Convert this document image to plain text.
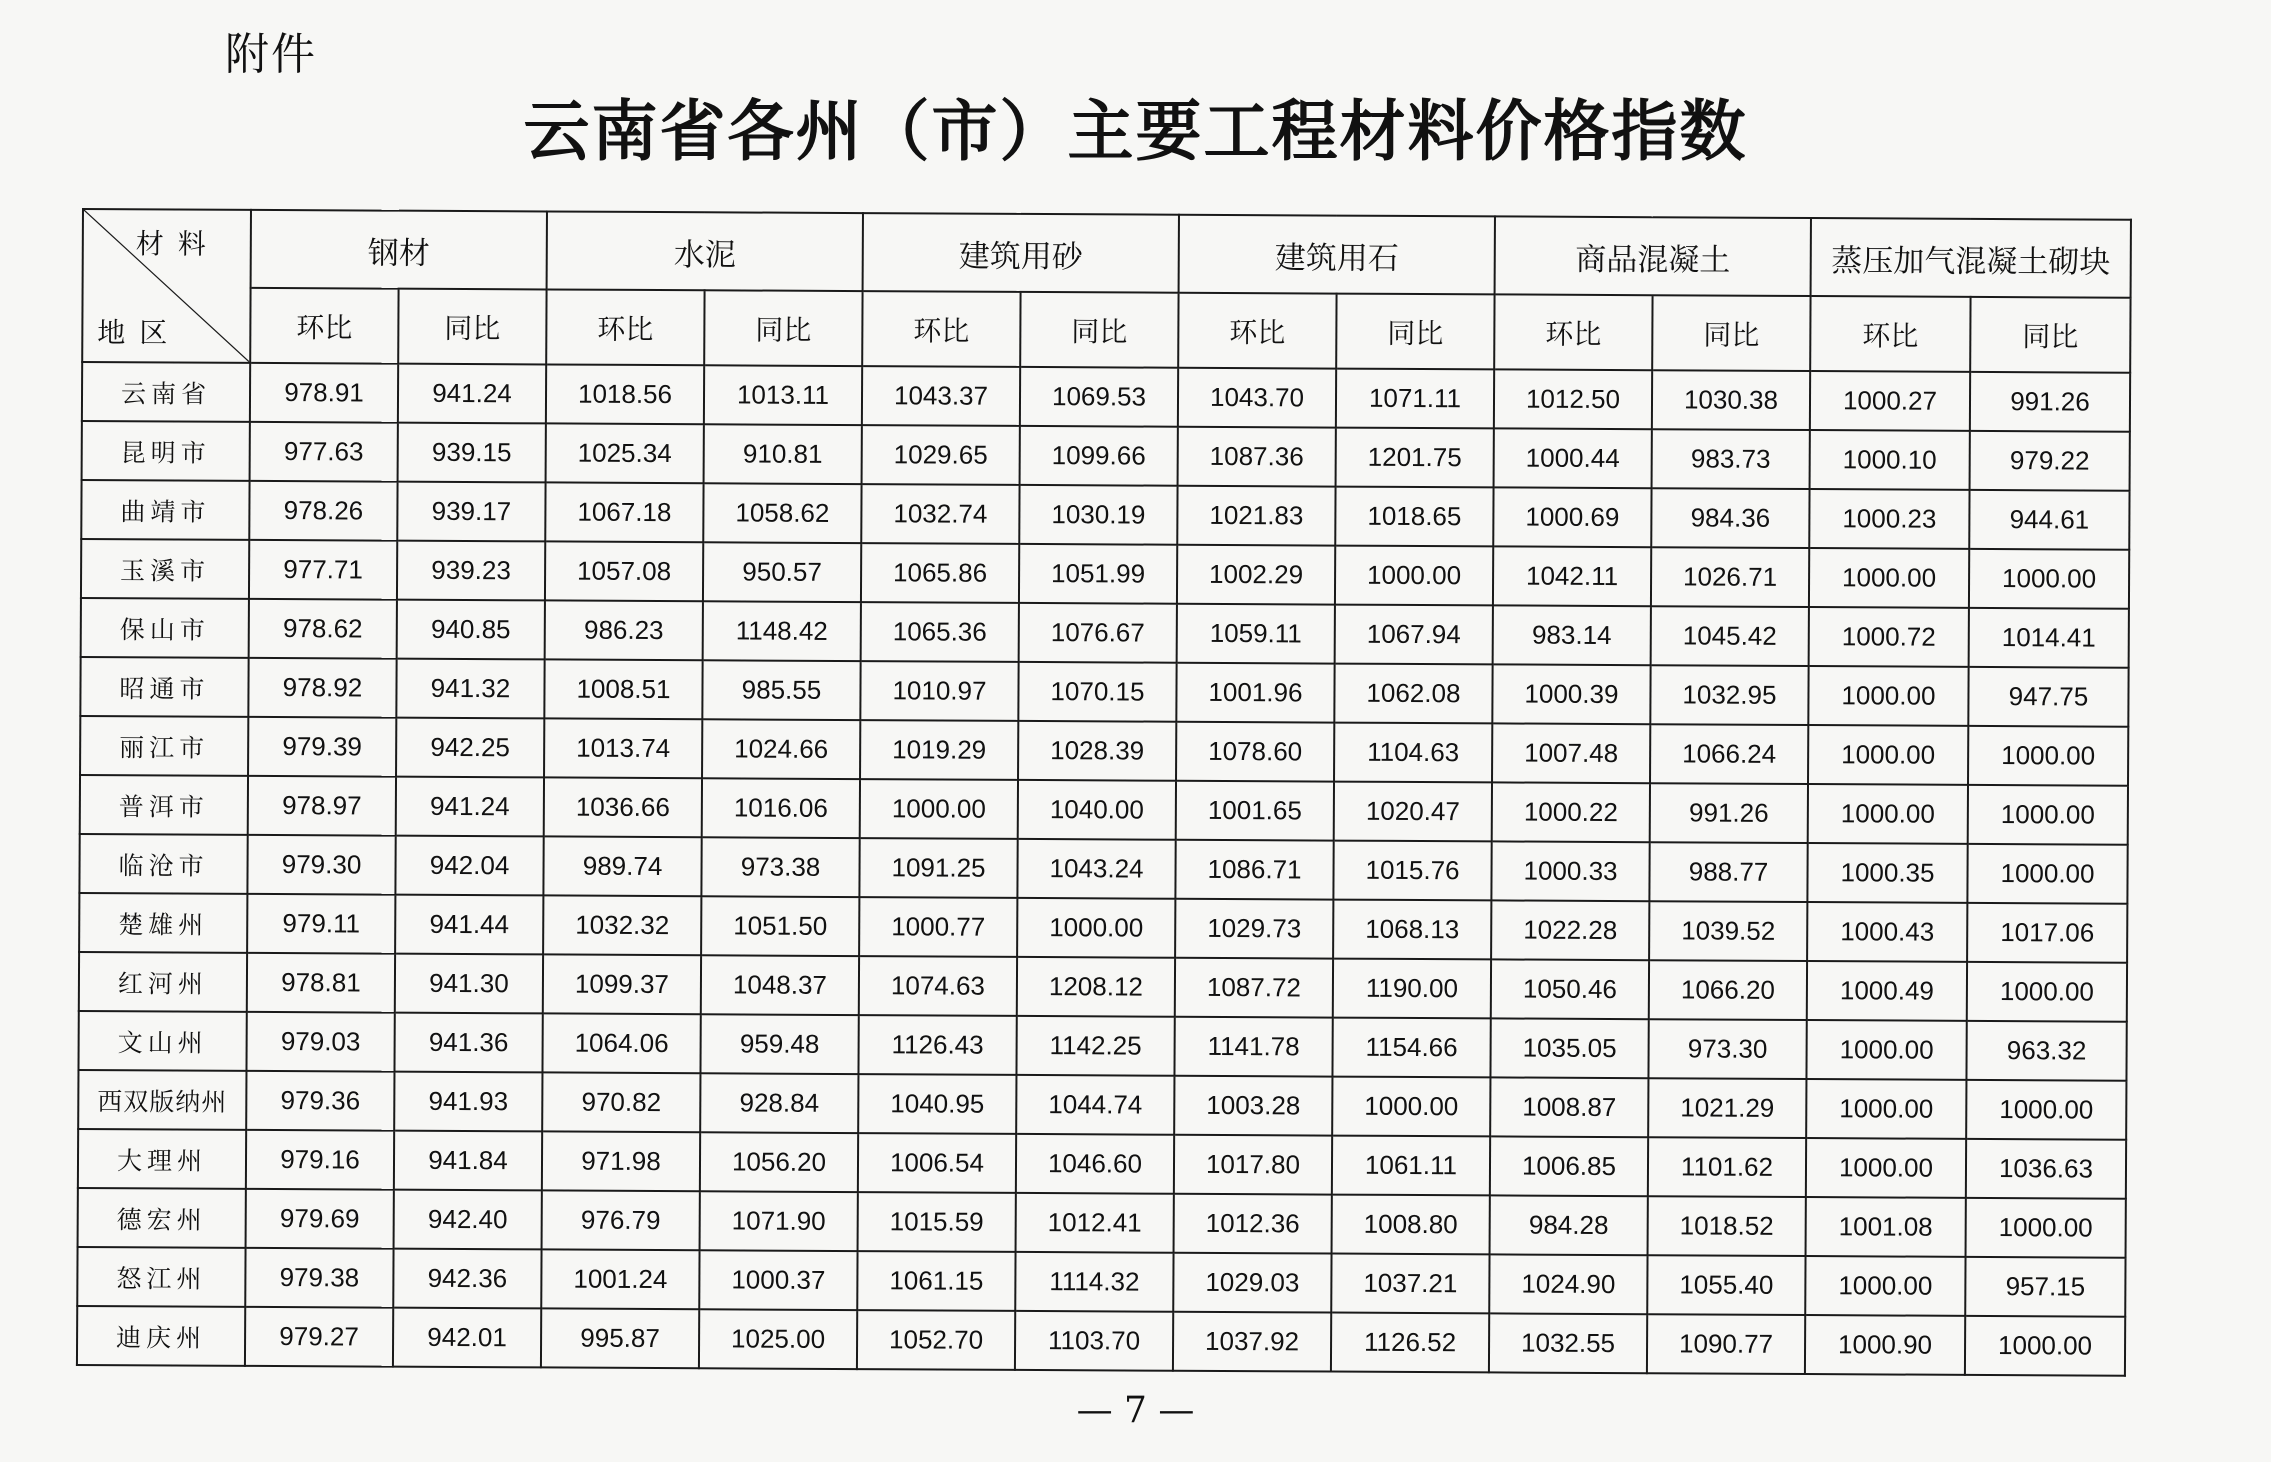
附件
云南省各州（市）主要工程材料价格指数
材料
地区	钢材		水泥		建筑用砂		建筑用石		商品混凝土		蒸压加气混凝土砌块	
	环比	同比	环比	同比	环比	同比	环比	同比	环比	同比	环比	同比
云南省	978.91	941.24	1018.56	1013.11	1043.37	1069.53	1043.70	1071.11	1012.50	1030.38	1000.27	991.26
昆明市	977.63	939.15	1025.34	910.81	1029.65	1099.66	1087.36	1201.75	1000.44	983.73	1000.10	979.22
曲靖市	978.26	939.17	1067.18	1058.62	1032.74	1030.19	1021.83	1018.65	1000.69	984.36	1000.23	944.61
玉溪市	977.71	939.23	1057.08	950.57	1065.86	1051.99	1002.29	1000.00	1042.11	1026.71	1000.00	1000.00
保山市	978.62	940.85	986.23	1148.42	1065.36	1076.67	1059.11	1067.94	983.14	1045.42	1000.72	1014.41
昭通市	978.92	941.32	1008.51	985.55	1010.97	1070.15	1001.96	1062.08	1000.39	1032.95	1000.00	947.75
丽江市	979.39	942.25	1013.74	1024.66	1019.29	1028.39	1078.60	1104.63	1007.48	1066.24	1000.00	1000.00
普洱市	978.97	941.24	1036.66	1016.06	1000.00	1040.00	1001.65	1020.47	1000.22	991.26	1000.00	1000.00
临沧市	979.30	942.04	989.74	973.38	1091.25	1043.24	1086.71	1015.76	1000.33	988.77	1000.35	1000.00
楚雄州	979.11	941.44	1032.32	1051.50	1000.77	1000.00	1029.73	1068.13	1022.28	1039.52	1000.43	1017.06
红河州	978.81	941.30	1099.37	1048.37	1074.63	1208.12	1087.72	1190.00	1050.46	1066.20	1000.49	1000.00
文山州	979.03	941.36	1064.06	959.48	1126.43	1142.25	1141.78	1154.66	1035.05	973.30	1000.00	963.32
西双版纳州	979.36	941.93	970.82	928.84	1040.95	1044.74	1003.28	1000.00	1008.87	1021.29	1000.00	1000.00
大理州	979.16	941.84	971.98	1056.20	1006.54	1046.60	1017.80	1061.11	1006.85	1101.62	1000.00	1036.63
德宏州	979.69	942.40	976.79	1071.90	1015.59	1012.41	1012.36	1008.80	984.28	1018.52	1001.08	1000.00
怒江州	979.38	942.36	1001.24	1000.37	1061.15	1114.32	1029.03	1037.21	1024.90	1055.40	1000.00	957.15
迪庆州	979.27	942.01	995.87	1025.00	1052.70	1103.70	1037.92	1126.52	1032.55	1090.77	1000.90	1000.00
— 7 —
